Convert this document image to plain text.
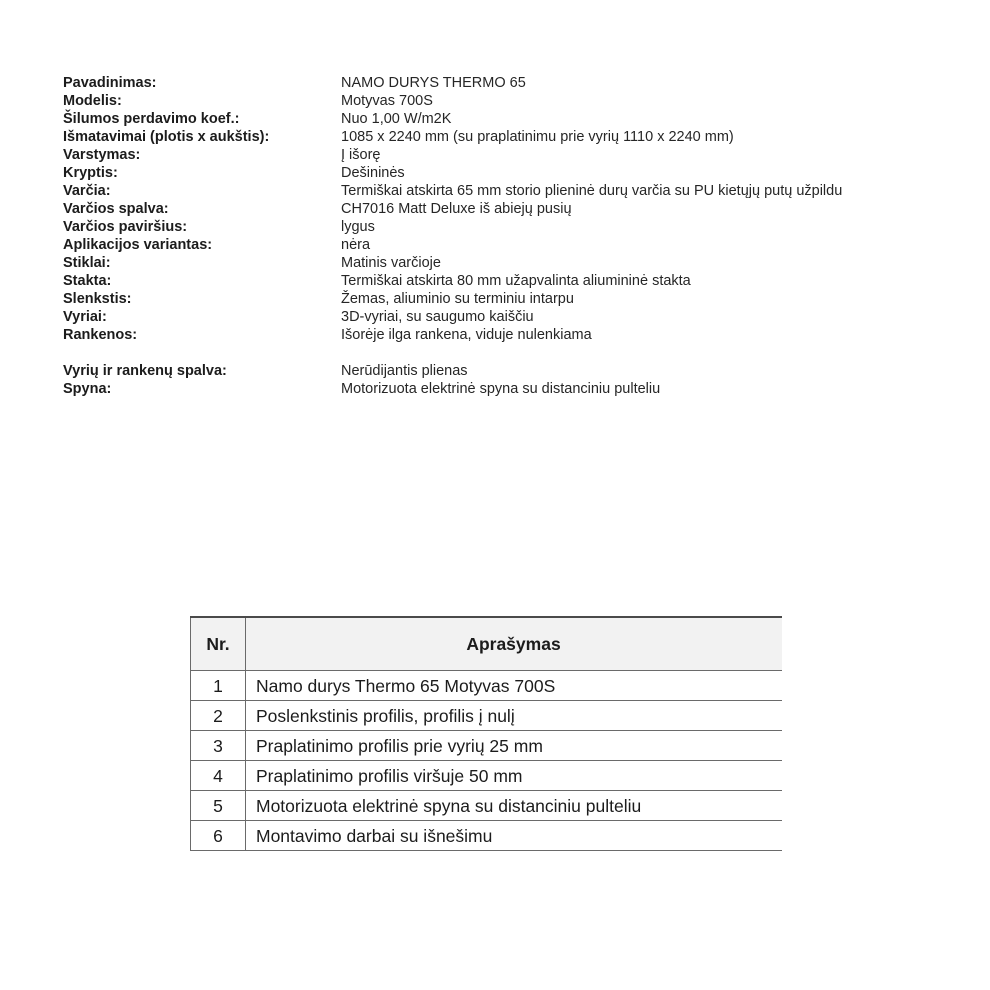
Pavadinimas:	NAMO DURYS THERMO 65
Modelis:	Motyvas 700S
Šilumos perdavimo koef.:	Nuo 1,00 W/m2K
Išmatavimai (plotis x aukštis):	1085 x 2240 mm (su praplatinimu prie vyrių 1110 x 2240 mm)
Varstymas:	Į išorę
Kryptis:	Dešininės
Varčia:	Termiškai atskirta 65 mm storio plieninė durų varčia su PU kietųjų putų užpildu
Varčios spalva:	CH7016 Matt Deluxe iš abiejų pusių
Varčios paviršius:	lygus
Aplikacijos variantas:	nėra
Stiklai:	Matinis varčioje
Stakta:	Termiškai atskirta 80 mm užapvalinta aliumininė stakta
Slenkstis:	Žemas, aliuminio su terminiu intarpu
Vyriai:	3D-vyriai, su saugumo kaiščiu
Rankenos:	Išorėje ilga rankena, viduje nulenkiama
Vyrių ir rankenų spalva:	Nerūdijantis plienas
Spyna:	Motorizuota elektrinė spyna su distanciniu pulteliu
Nr.	Aprašymas
1	Namo durys Thermo 65 Motyvas 700S
2	Poslenkstinis profilis, profilis į nulį
3	Praplatinimo profilis prie vyrių 25 mm
4	Praplatinimo profilis viršuje 50 mm
5	Motorizuota elektrinė spyna su distanciniu pulteliu
6	Montavimo darbai su išnešimu
